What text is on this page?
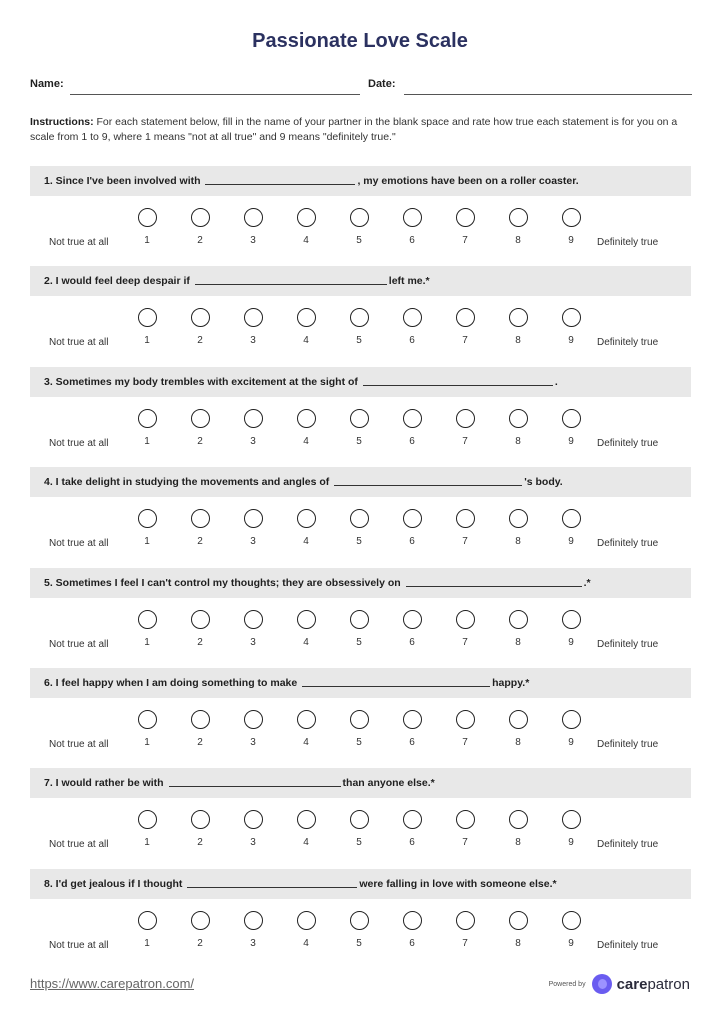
Passionate Love Scale
Name:	Date:
Instructions: For each statement below, fill in the name of your partner in the blank space and rate how true each statement is for you on a scale from 1 to 9, where 1 means "not at all true" and 9 means "definitely true."
1. Since I've been involved with	, my emotions have been on a roller coaster.
Not true at all	1	2	3	4	5	6	7	8	9	Definitely true
2. I would feel deep despair if	left me.*
Not true at all	1	2	3	4	5	6	7	8	9	Definitely true
3. Sometimes my body trembles with excitement at the sight of	.
Not true at all	1	2	3	4	5	6	7	8	9	Definitely true
4. I take delight in studying the movements and angles of	's body.
Not true at all	1	2	3	4	5	6	7	8	9	Definitely true
5. Sometimes I feel I can't control my thoughts; they are obsessively on	.*
Not true at all	1	2	3	4	5	6	7	8	9	Definitely true
6. I feel happy when I am doing something to make	happy.*
Not true at all	1	2	3	4	5	6	7	8	9	Definitely true
7. I would rather be with	than anyone else.*
Not true at all	1	2	3	4	5	6	7	8	9	Definitely true
8. I'd get jealous if I thought	were falling in love with someone else.*
Not true at all	1	2	3	4	5	6	7	8	9	Definitely true
https://www.carepatron.com/	Powered by carepatron
